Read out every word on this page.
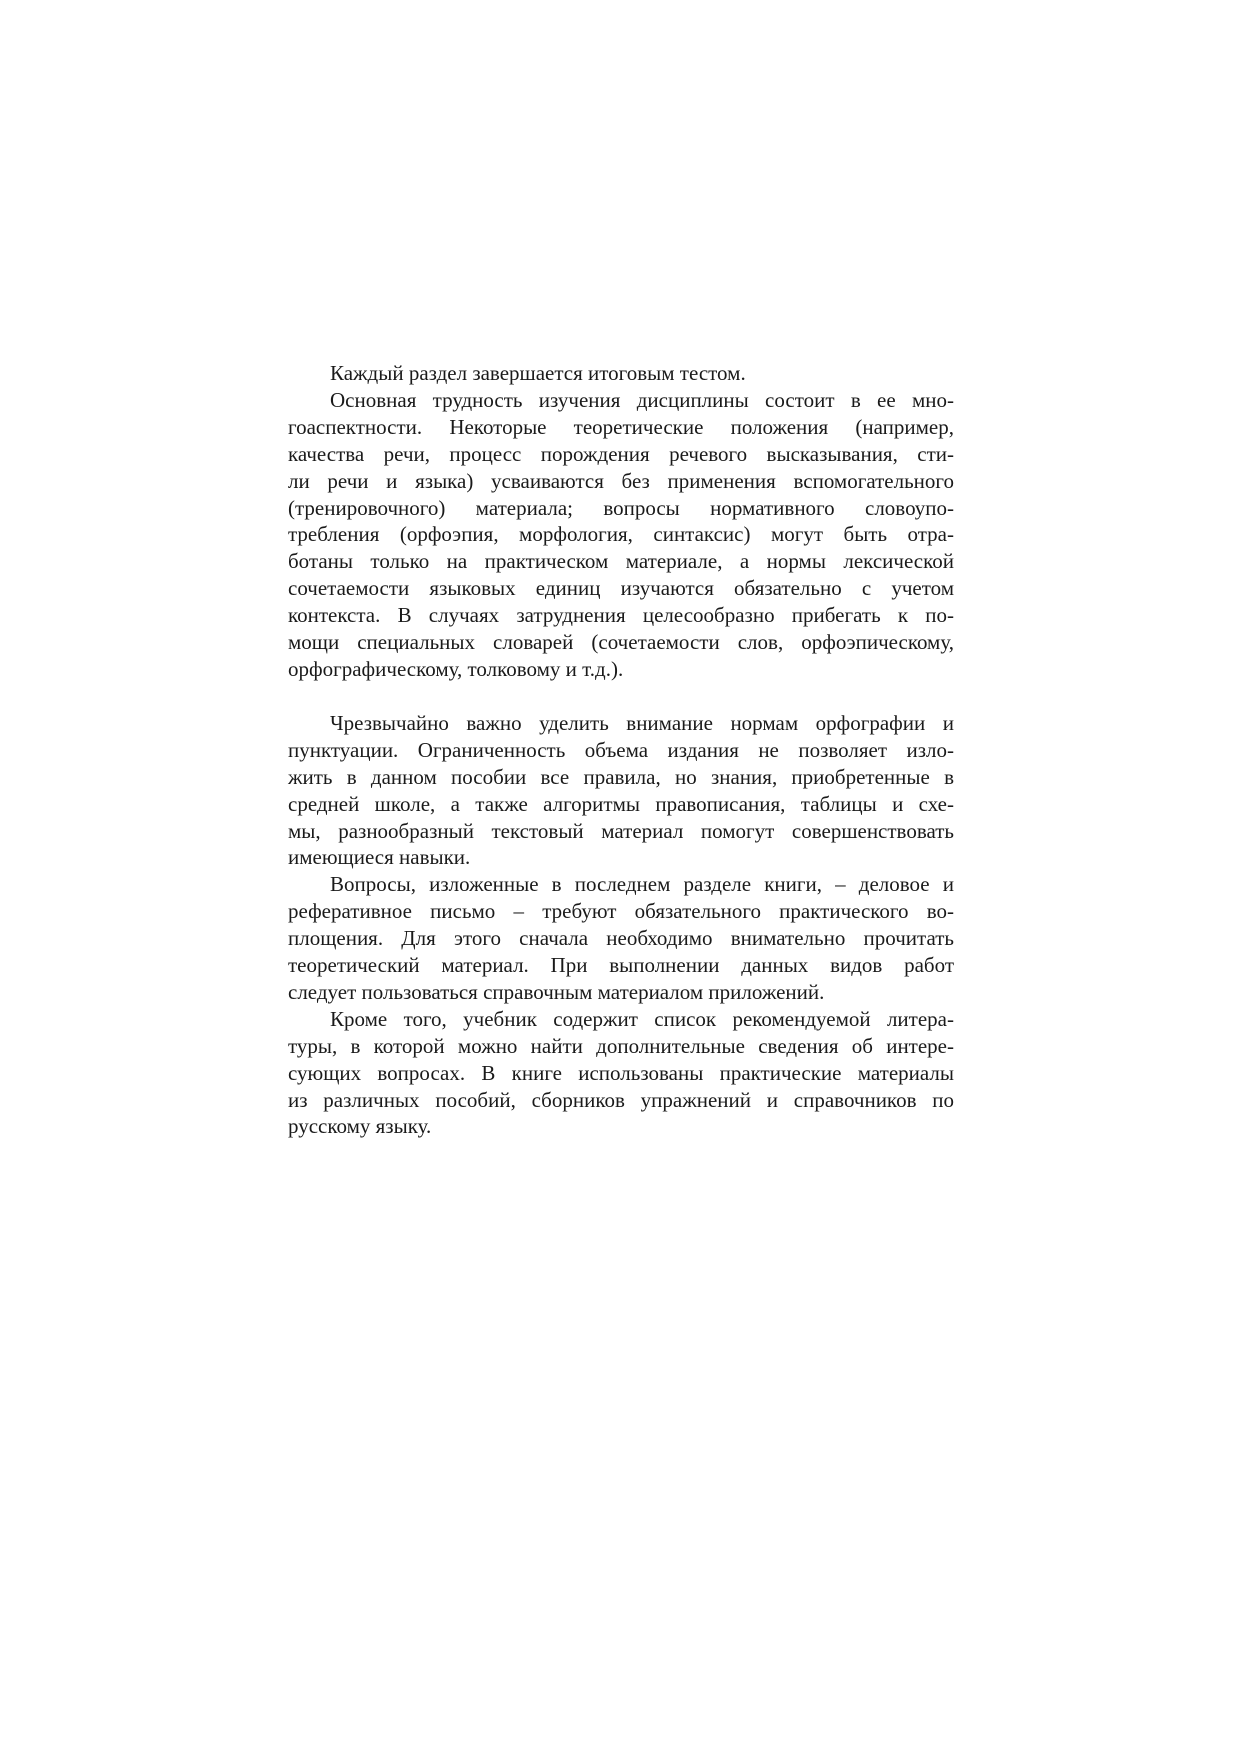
Каждый раздел завершается итоговым тестом.
Основная трудность изучения дисциплины состоит в ее мно-
гоаспектности. Некоторые теоретические положения (например,
качества речи, процесс порождения речевого высказывания, сти-
ли речи и языка) усваиваются без применения вспомогательного
(тренировочного) материала; вопросы нормативного словоупо-
требления (орфоэпия, морфология, синтаксис) могут быть отра-
ботаны только на практическом материале, а нормы лексической
сочетаемости языковых единиц изучаются обязательно с учетом
контекста. В случаях затруднения целесообразно прибегать к по-
мощи специальных словарей (сочетаемости слов, орфоэпическому,
орфографическому, толковому и т.д.).
Чрезвычайно важно уделить внимание нормам орфографии и
пунктуации. Ограниченность объема издания не позволяет изло-
жить в данном пособии все правила, но знания, приобретенные в
средней школе, а также алгоритмы правописания, таблицы и схе-
мы, разнообразный текстовый материал помогут совершенствовать
имеющиеся навыки.
Вопросы, изложенные в последнем разделе книги, – деловое и
реферативное письмо – требуют обязательного практического во-
площения. Для этого сначала необходимо внимательно прочитать
теоретический материал. При выполнении данных видов работ
следует пользоваться справочным материалом приложений.
Кроме того, учебник содержит список рекомендуемой литера-
туры, в которой можно найти дополнительные сведения об интере-
сующих вопросах. В книге использованы практические материалы
из различных пособий, сборников упражнений и справочников по
русскому языку.
